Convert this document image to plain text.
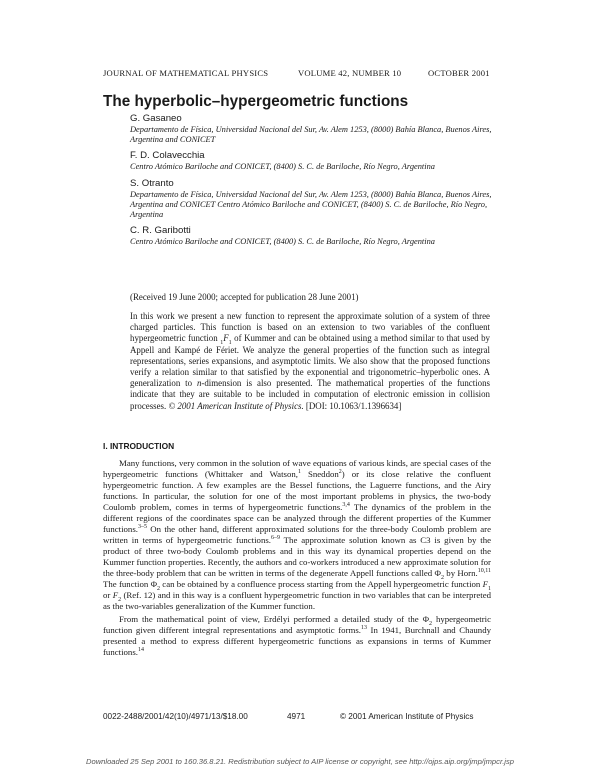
JOURNAL OF MATHEMATICAL PHYSICS	VOLUME 42, NUMBER 10	OCTOBER 2001
The hyperbolic–hypergeometric functions
G. Gasaneo
Departamento de Física, Universidad Nacional del Sur, Av. Alem 1253, (8000) Bahía Blanca, Buenos Aires, Argentina and CONICET
F. D. Colavecchia
Centro Atómico Bariloche and CONICET, (8400) S. C. de Bariloche, Río Negro, Argentina
S. Otranto
Departamento de Física, Universidad Nacional del Sur, Av. Alem 1253, (8000) Bahía Blanca, Buenos Aires, Argentina and CONICET Centro Atómico Bariloche and CONICET, (8400) S. C. de Bariloche, Río Negro, Argentina
C. R. Garibotti
Centro Atómico Bariloche and CONICET, (8400) S. C. de Bariloche, Río Negro, Argentina
(Received 19 June 2000; accepted for publication 28 June 2001)
In this work we present a new function to represent the approximate solution of a system of three charged particles. This function is based on an extension to two variables of the confluent hypergeometric function $_1F_1$ of Kummer and can be obtained using a method similar to that used by Appell and Kampé de Fériet. We analyze the general properties of the function such as integral representations, series expansions, and asymptotic limits. We also show that the proposed functions verify a relation similar to that satisfied by the exponential and trigonometric–hyperbolic ones. A generalization to n-dimension is also presented. The mathematical properties of the functions indicate that they are suitable to be included in computation of electronic emission in collision processes. © 2001 American Institute of Physics. [DOI: 10.1063/1.1396634]
I. INTRODUCTION

Many functions, very common in the solution of wave equations of various kinds, are special cases of the hypergeometric functions (Whittaker and Watson,$^1$ Sneddon$^2$) or its close relative the confluent hypergeometric function. A few examples are the Bessel functions, the Laguerre functions, and the Airy functions. In particular, the solution for one of the most important problems in physics, the two-body Coulomb problem, comes in terms of hypergeometric functions.$^{3,4}$ The dynamics of the problem in the different regions of the coordinates space can be analyzed through the different properties of the Kummer functions.$^{3-5}$ On the other hand, different approximated solutions for the three-body Coulomb problem are written in terms of hypergeometric functions.$^{6-9}$ The approximate solution known as C3 is given by the product of three two-body Coulomb problems and in this way its dynamical properties depend on the Kummer function properties. Recently, the authors and co-workers introduced a new approximate solution for the three-body problem that can be written in terms of the degenerate Appell functions called $\Phi_2$ by Horn.$^{10,11}$ The function $\Phi_2$ can be obtained by a confluence process starting from the Appell hypergeometric function $F_1$ or $F_2$ (Ref. 12) and in this way is a confluent hypergeometric function in two variables that can be interpreted as the two-variables generalization of the Kummer function.

From the mathematical point of view, Erdélyi performed a detailed study of the $\Phi_2$ hypergeometric function given different integral representations and asymptotic forms.$^{13}$ In 1941, Burchnall and Chaundy presented a method to express different hypergeometric functions as expansions in terms of Kummer functions.$^{14}$

0022-2488/2001/42(10)/4971/13/$18.00	4971	© 2001 American Institute of Physics
Downloaded 25 Sep 2001 to 160.36.8.21. Redistribution subject to AIP license or copyright, see http://ojps.aip.org/jmp/jmpcr.jsp
